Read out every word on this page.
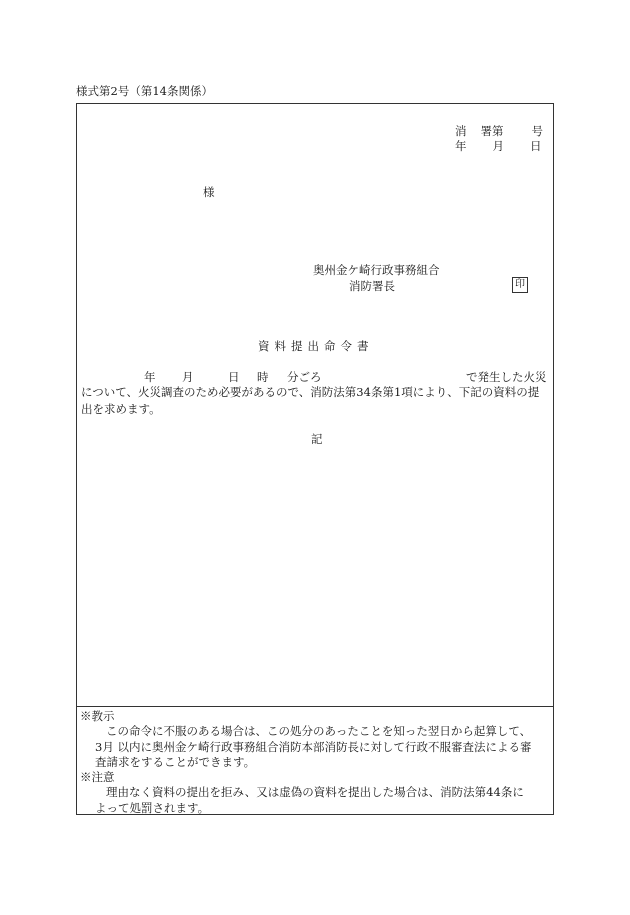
様式第2号（第14条関係）
消 署第 号
年 月 日
様
奥州金ケ崎行政事務組合
消防署長	印
資料提出命令書
年 月	日 時 分ごろ	で発生した火災
について、火災調査のため必要があるので、消防法第34条第1項により、下記の資料の提
出を求めます。
記
※教示
この命令に不服のある場合は、この処分のあったことを知った翌日から起算して、
3月 以内に奥州金ケ崎行政事務組合消防本部消防長に対して行政不服審査法による審
査請求をすることができます。
※注意
理由なく資料の提出を拒み、又は虚偽の資料を提出した場合は、消防法第44条に
よって処罰されます。
